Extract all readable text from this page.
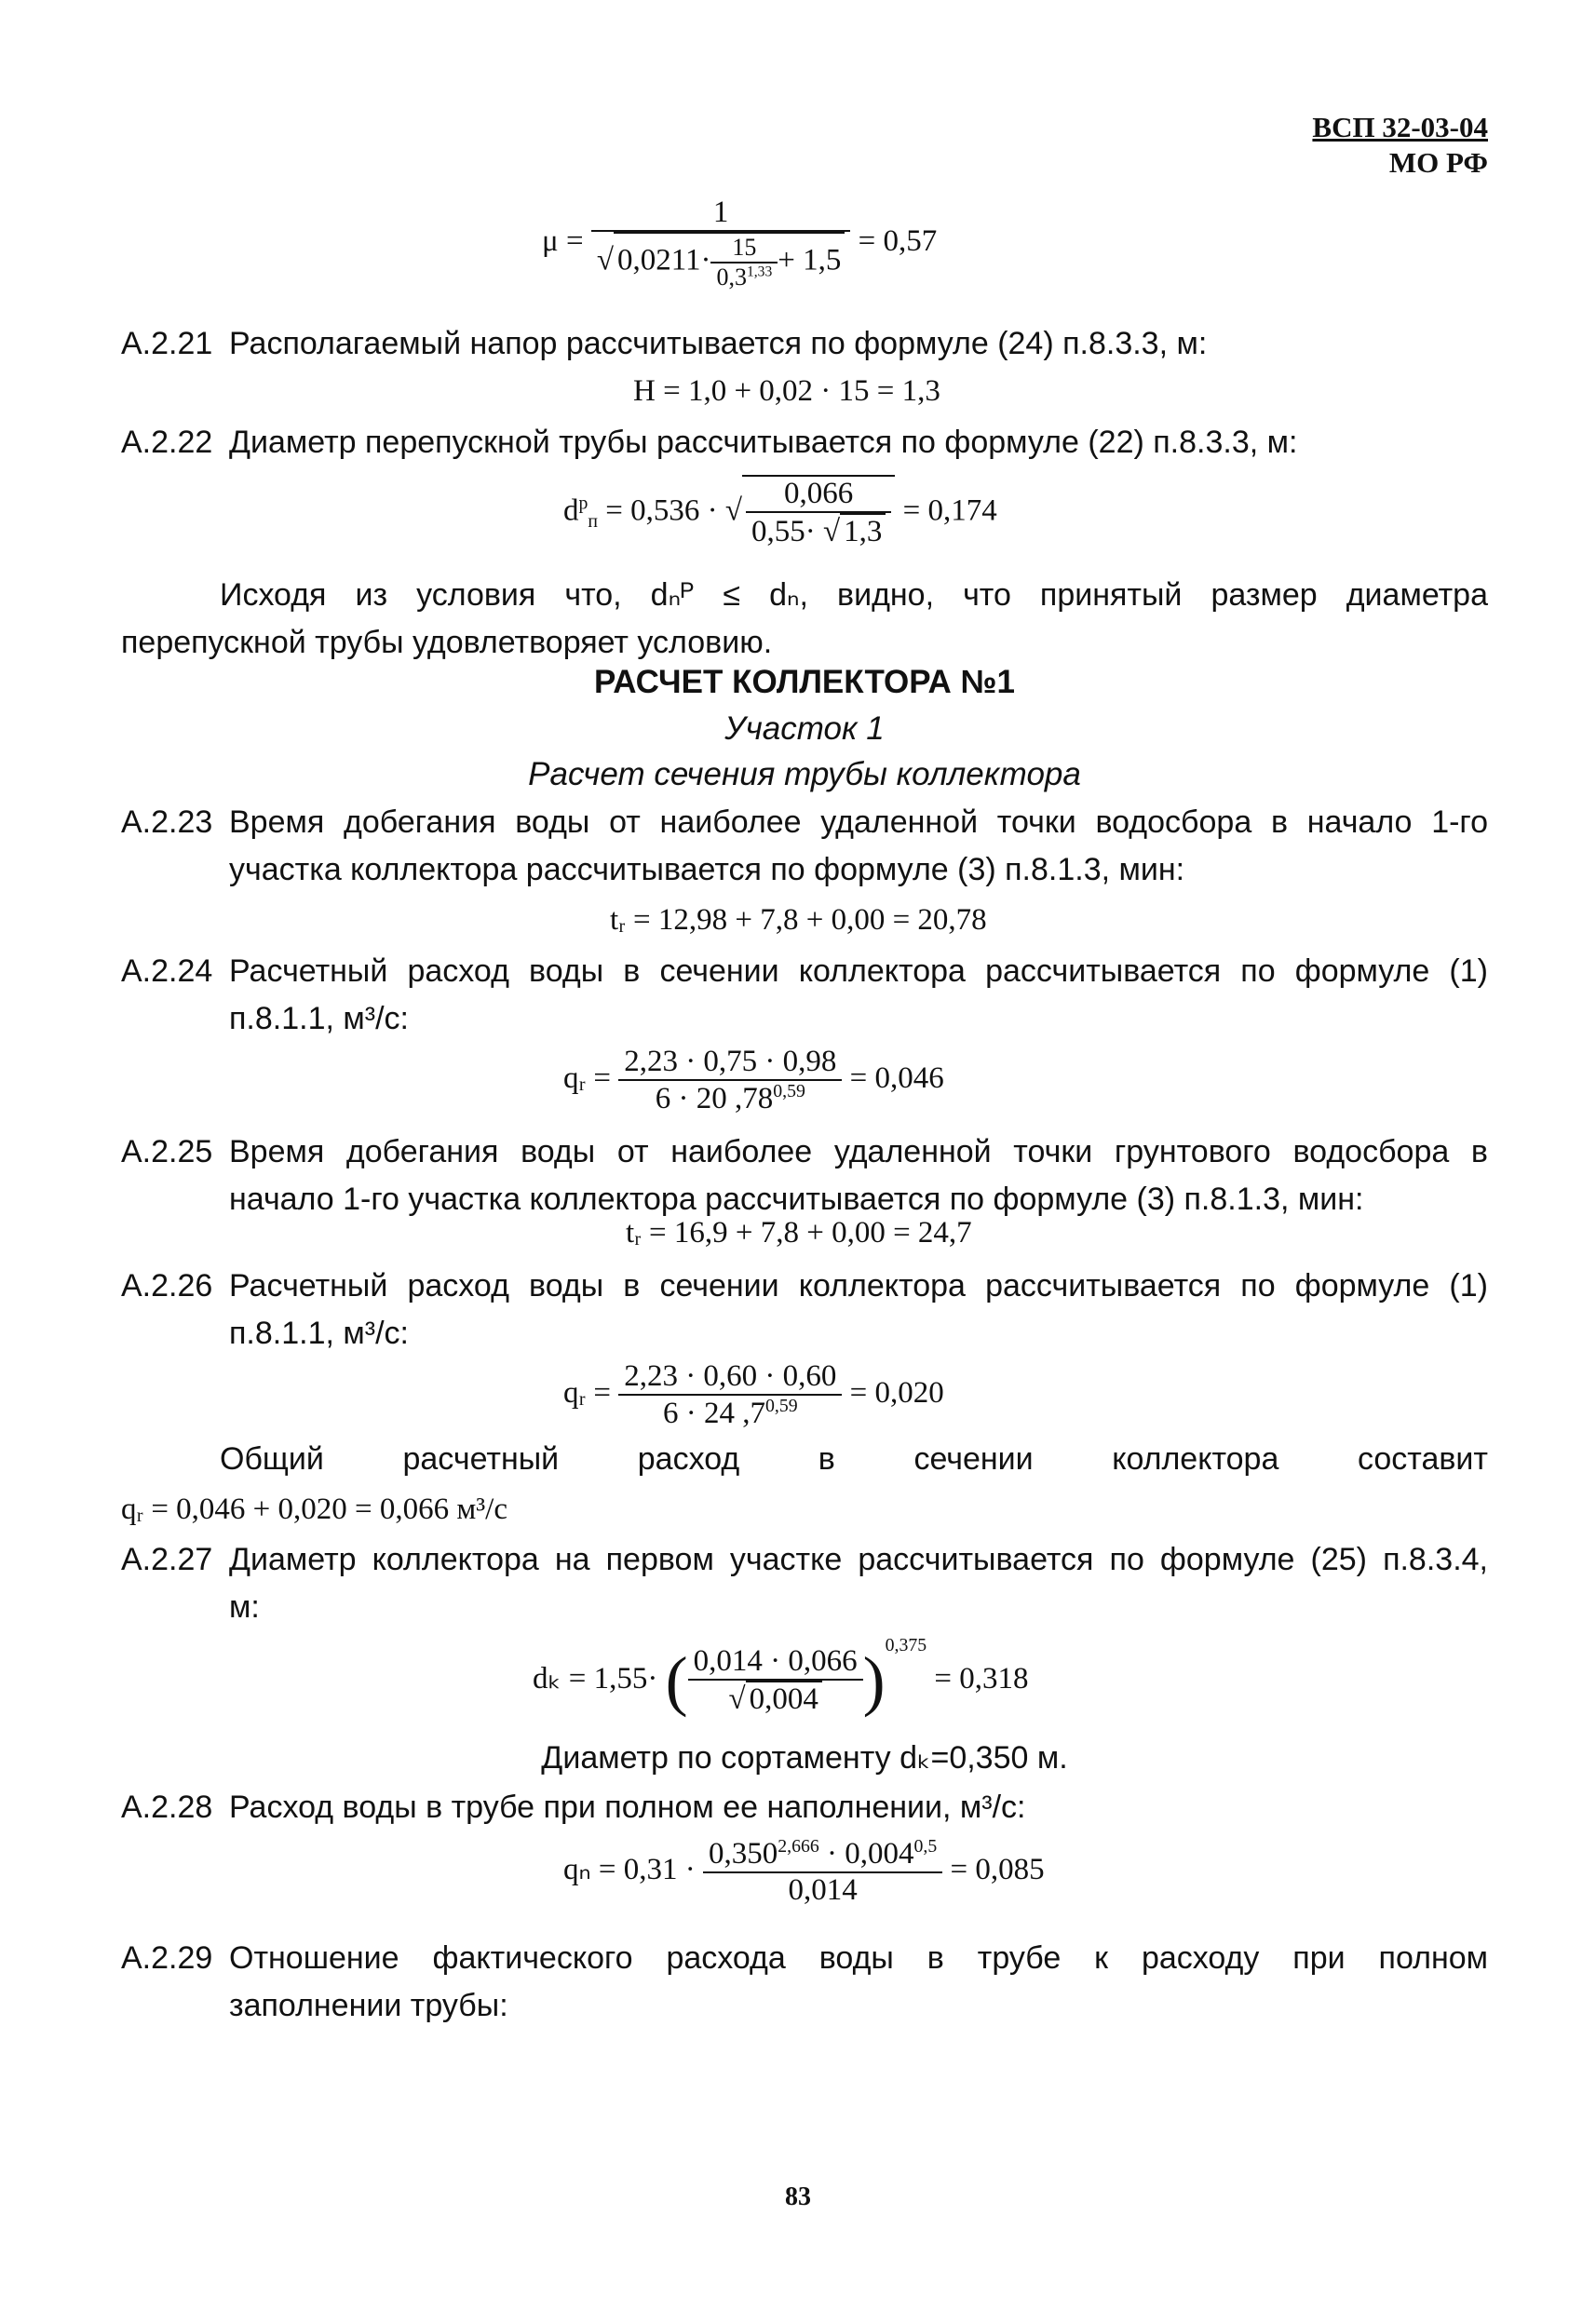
ВСП 32-03-04
МО РФ
$\mu = \frac{1}{√ 0,0211\cdot \frac{15}{0,3^{1,33}} + 1,5} = 0,57$
А.2.21 Располагаемый напор рассчитывается по формуле (24) п.8.3.3, м:
H = 1,0 + 0,02 · 15 = 1,3
А.2.22 Диаметр перепускной трубы рассчитывается по формуле (22) п.8.3.3, м:
$d^p_п = 0,536$ · √ $\frac{0,066}{0,55\cdot √ 1,3} = 0,174$
Исходя из условия что, dₙᴾ ≤ dₙ, видно, что принятый размер диаметра
перепускной трубы удовлетворяет условию.
РАСЧЕТ КОЛЛЕКТОРА №1
Участок 1
Расчет сечения трубы коллектора
А.2.23 Время добегания воды от наиболее удаленной точки водосбора в начало 1-го
участка коллектора рассчитывается по формуле (3) п.8.1.3, мин:
tᵣ = 12,98 + 7,8 + 0,00 = 20,78
А.2.24 Расчетный расход воды в сечении коллектора рассчитывается по формуле (1)
п.8.1.1, м³/с:
qᵣ = $\frac{2,23 \cdot 0,75 \cdot 0,98}{6 \cdot 20 ,78^{0,59}} = 0,046$
А.2.25 Время добегания воды от наиболее удаленной точки грунтового водосбора в
начало 1-го участка коллектора рассчитывается по формуле (3) п.8.1.3, мин:
tᵣ = 16,9 + 7,8 + 0,00 = 24,7
А.2.26 Расчетный расход воды в сечении коллектора рассчитывается по формуле (1)
п.8.1.1, м³/с:
qᵣ = $\frac{2,23 \cdot 0,60 \cdot 0,60}{6 \cdot 24 ,7^{0,59}} = 0,020$
Общий расчетный расход в сечении коллектора составит
qᵣ = 0,046 + 0,020 = 0,066 м³/с
А.2.27 Диаметр коллектора на первом участке рассчитывается по формуле (25) п.8.3.4,
м:
dₖ = 1,55· ( $\frac{0,014 \cdot 0,066}{√ 0,004} )^{0,375} = 0,318$
Диаметр по сортаменту dₖ=0,350 м.
А.2.28 Расход воды в трубе при полном ее наполнении, м³/с:
$q_n = 0,31 \cdot \frac{0,350^{2,666} \cdot 0,004^{0,5}}{0,014} = 0,085$
А.2.29 Отношение фактического расхода воды в трубе к расходу при полном
заполнении трубы:
83
